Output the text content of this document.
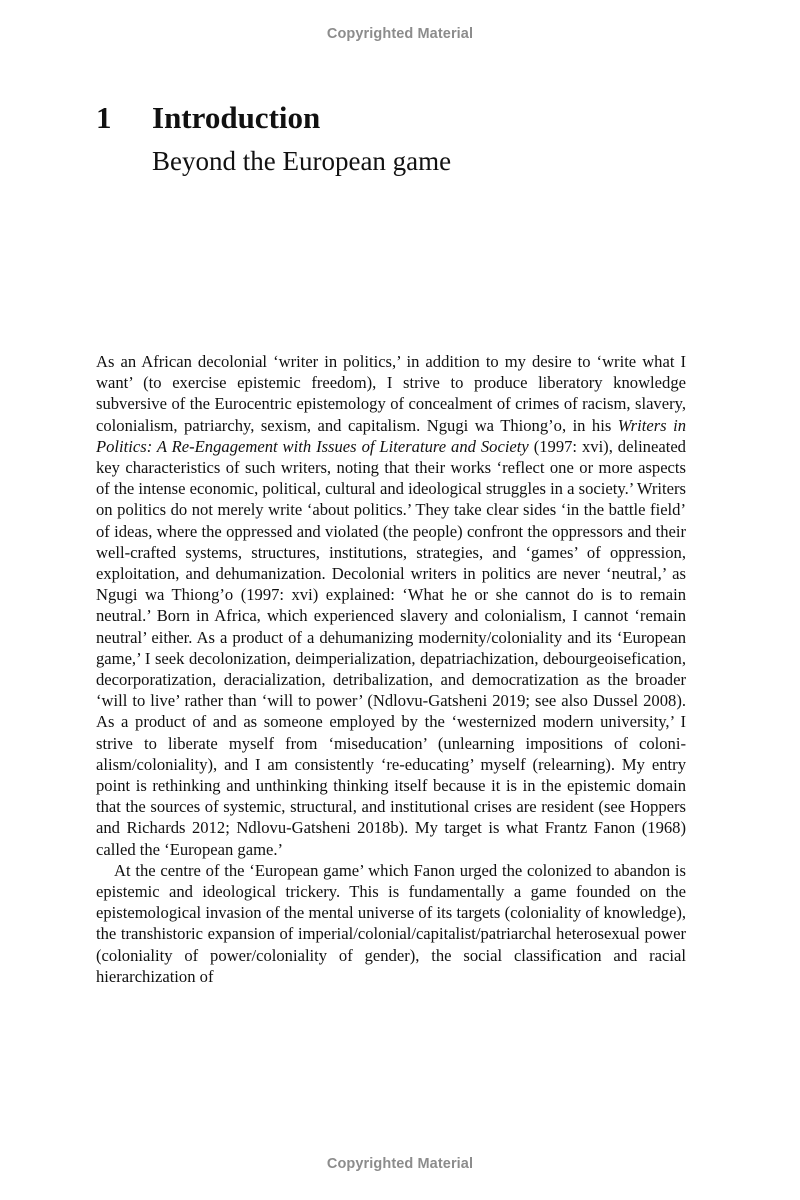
Copyrighted Material
1	Introduction
Beyond the European game

As an African decolonial ‘writer in politics,’ in addition to my desire to ‘write what I want’ (to exercise epistemic freedom), I strive to produce liberatory knowledge subversive of the Eurocentric epistemology of concealment of crimes of racism, slavery, colonialism, patriarchy, sexism, and capitalism. Ngugi wa Thiong’o, in his Writers in Politics: A Re-Engagement with Issues of Literature and Society (1997: xvi), delineated key characteristics of such writers, noting that their works ‘reflect one or more aspects of the intense economic, political, cultural and ideological struggles in a society.’ Writers on politics do not merely write ‘about politics.’ They take clear sides ‘in the battle field’ of ideas, where the oppressed and violated (the people) confront the oppressors and their well-crafted systems, structures, institutions, strategies, and ‘games’ of oppression, exploitation, and dehumanization. Decolonial writers in politics are never ‘neutral,’ as Ngugi wa Thiong’o (1997: xvi) explained: ‘What he or she cannot do is to remain neutral.’ Born in Africa, which experienced slavery and colonialism, I cannot ‘remain neutral’ either. As a product of a dehumanizing modernity/coloniality and its ‘European game,’ I seek decolonization, deimperialization, depatriachization, debourgeoisefication, decorporatization, deracialization, detribalization, and democratization as the broader ‘will to live’ rather than ‘will to power’ (Ndlovu-Gatsheni 2019; see also Dussel 2008). As a product of and as someone employed by the ‘westernized modern university,’ I strive to liberate myself from ‘miseducation’ (unlearning impositions of colonialism/coloniality), and I am consistently ‘re-educating’ myself (relearning). My entry point is rethinking and unthinking thinking itself because it is in the epistemic domain that the sources of systemic, structural, and institutional crises are resident (see Hoppers and Richards 2012; Ndlovu-Gatsheni 2018b). My target is what Frantz Fanon (1968) called the ‘European game.’

At the centre of the ‘European game’ which Fanon urged the colonized to abandon is epistemic and ideological trickery. This is fundamentally a game founded on the epistemological invasion of the mental universe of its targets (coloniality of knowledge), the transhistoric expansion of imperial/​colonial/capitalist/patriarchal heterosexual power (coloniality of power/​coloniality of gender), the social classification and racial hierarchization of

Copyrighted Material
